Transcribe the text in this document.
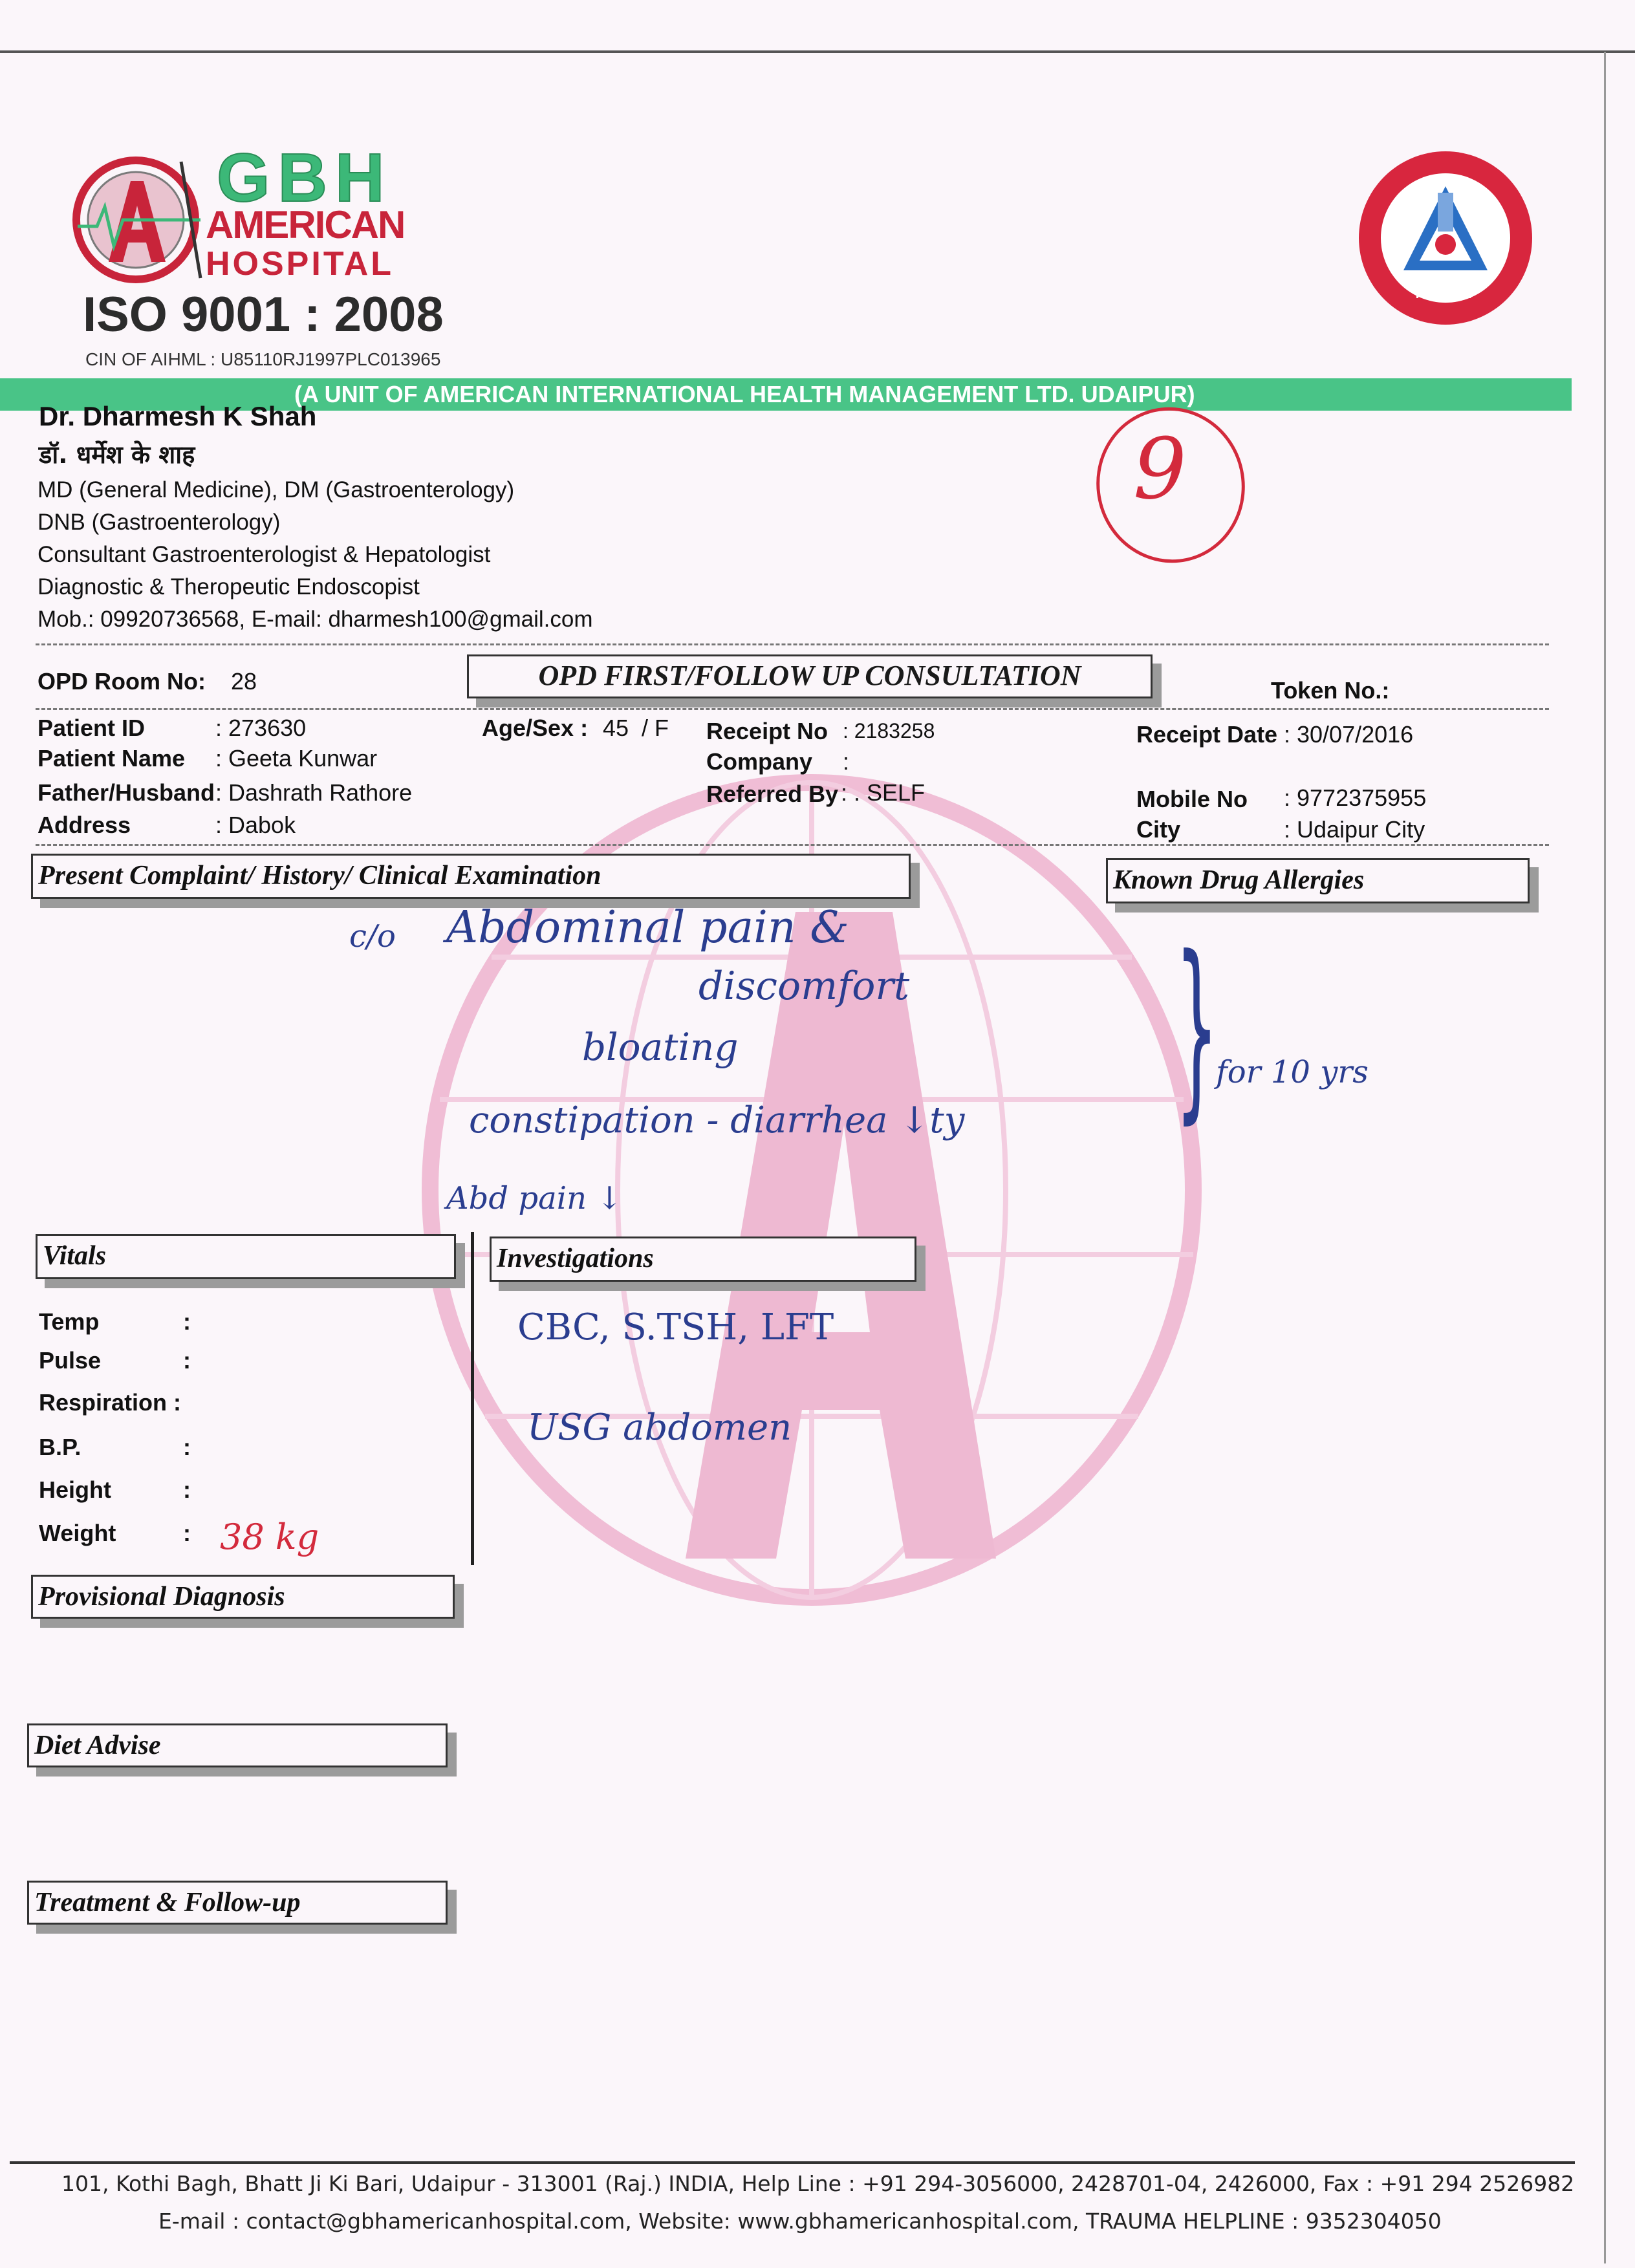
GBH
AMERICAN
HOSPITAL
ISO 9001 : 2008
CIN OF AIHML : U85110RJ1997PLC013965
NABH
(A UNIT OF AMERICAN INTERNATIONAL HEALTH MANAGEMENT LTD. UDAIPUR)
Dr. Dharmesh K Shah
डॉ. धर्मेश के शाह
MD (General Medicine), DM (Gastroenterology)
DNB (Gastroenterology)
Consultant Gastroenterologist & Hepatologist
Diagnostic & Theropeutic Endoscopist
Mob.: 09920736568, E-mail: dharmesh100@gmail.com
9
OPD Room No: 28	OPD FIRST/FOLLOW UP CONSULTATION	Token No.:
Patient ID	: 273630
Patient Name : Geeta Kunwar
Father/Husband : Dashrath Rathore
Address	: Dabok
Age/Sex : 45  / F Receipt No : 2183258
Company :
Referred By : . SELF
Receipt Date : 30/07/2016
Mobile No : 9772375955
City	: Udaipur City
Present Complaint/ History/ Clinical Examination	Known Drug Allergies
c/o Abdominal pain &
discomfort
bloating
constipation - diarrhea ↓ty
Abd pain ↓
}
for 10 yrs
Vitals
Temp	:
Pulse	:
Respiration :
B.P.	:
Height	:
Weight	: 38 kg
Investigations
CBC, S.TSH, LFT
USG abdomen
Provisional Diagnosis
Diet Advise
Treatment & Follow-up
101, Kothi Bagh, Bhatt Ji Ki Bari, Udaipur - 313001 (Raj.) INDIA, Help Line : +91 294-3056000, 2428701-04, 2426000, Fax : +91 294 2526982
E-mail : contact@gbhamericanhospital.com, Website: www.gbhamericanhospital.com, TRAUMA HELPLINE : 9352304050
